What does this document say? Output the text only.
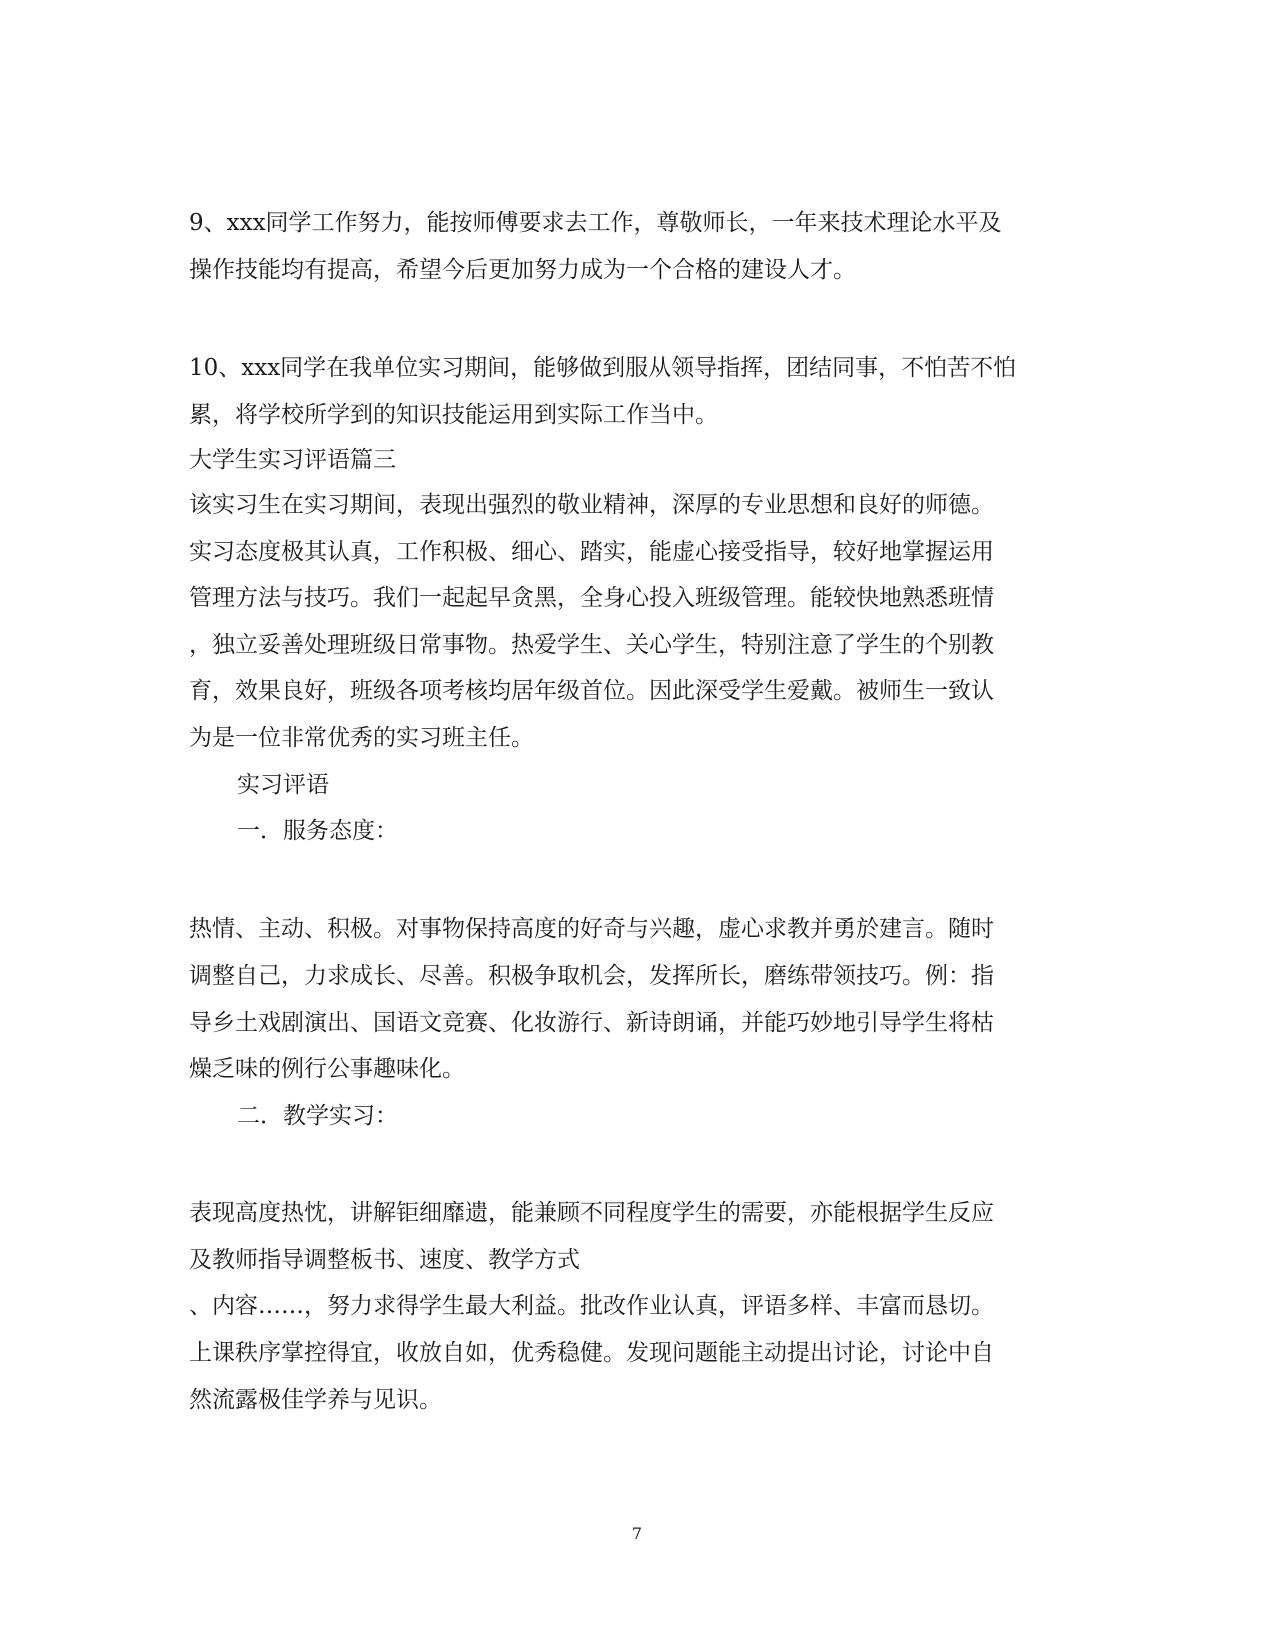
9、xxx同学工作努力，能按师傅要求去工作，尊敬师长，一年来技术理论水平及
操作技能均有提高，希望今后更加努力成为一个合格的建设人才。
10、xxx同学在我单位实习期间，能够做到服从领导指挥，团结同事，不怕苦不怕
累，将学校所学到的知识技能运用到实际工作当中。
大学生实习评语篇三
该实习生在实习期间，表现出强烈的敬业精神，深厚的专业思想和良好的师德。
实习态度极其认真，工作积极、细心、踏实，能虚心接受指导，较好地掌握运用
管理方法与技巧。我们一起起早贪黑，全身心投入班级管理。能较快地熟悉班情
，独立妥善处理班级日常事物。热爱学生、关心学生，特别注意了学生的个别教
育，效果良好，班级各项考核均居年级首位。因此深受学生爱戴。被师生一致认
为是一位非常优秀的实习班主任。
实习评语
一．服务态度：
热情、主动、积极。对事物保持高度的好奇与兴趣，虚心求教并勇於建言。随时
调整自己，力求成长、尽善。积极争取机会，发挥所长，磨练带领技巧。例：指
导乡土戏剧演出、国语文竞赛、化妆游行、新诗朗诵，并能巧妙地引导学生将枯
燥乏味的例行公事趣味化。
二．教学实习：
表现高度热忱，讲解钜细靡遗，能兼顾不同程度学生的需要，亦能根据学生反应
及教师指导调整板书、速度、教学方式
、内容……，努力求得学生最大利益。批改作业认真，评语多样、丰富而恳切。
上课秩序掌控得宜，收放自如，优秀稳健。发现问题能主动提出讨论，讨论中自
然流露极佳学养与见识。
7
